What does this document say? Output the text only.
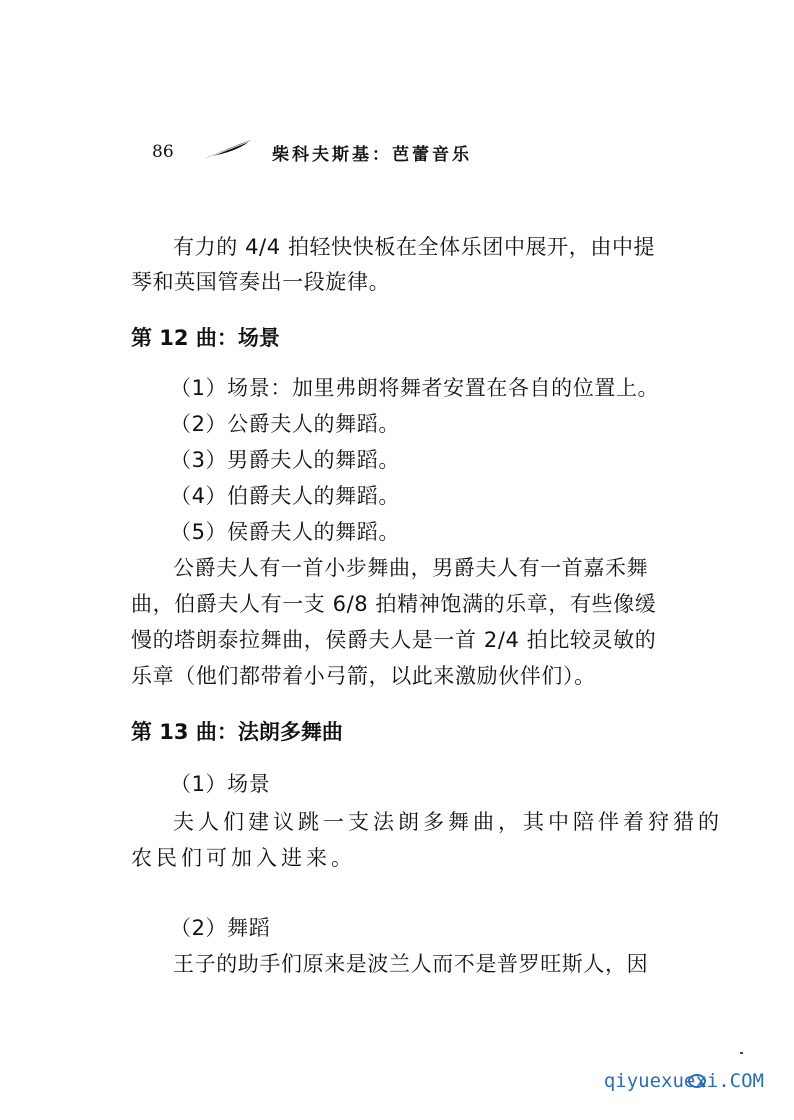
86	柴科夫斯基：芭蕾音乐
有力的 4/4 拍轻快快板在全体乐团中展开，由中提
琴和英国管奏出一段旋律。
第 12 曲：场景
（1）场景：加里弗朗将舞者安置在各自的位置上。
（2）公爵夫人的舞蹈。
（3）男爵夫人的舞蹈。
（4）伯爵夫人的舞蹈。
（5）侯爵夫人的舞蹈。
公爵夫人有一首小步舞曲，男爵夫人有一首嘉禾舞
曲，伯爵夫人有一支 6/8 拍精神饱满的乐章，有些像缓
慢的塔朗泰拉舞曲，侯爵夫人是一首 2/4 拍比较灵敏的
乐章（他们都带着小弓箭，以此来激励伙伴们）。
第 13 曲：法朗多舞曲
（1）场景
夫人们建议跳一支法朗多舞曲，其中陪伴着狩猎的
农民们可加入进来。
（2）舞蹈
王子的助手们原来是波兰人而不是普罗旺斯人，因
qiyuexuexi.COM
